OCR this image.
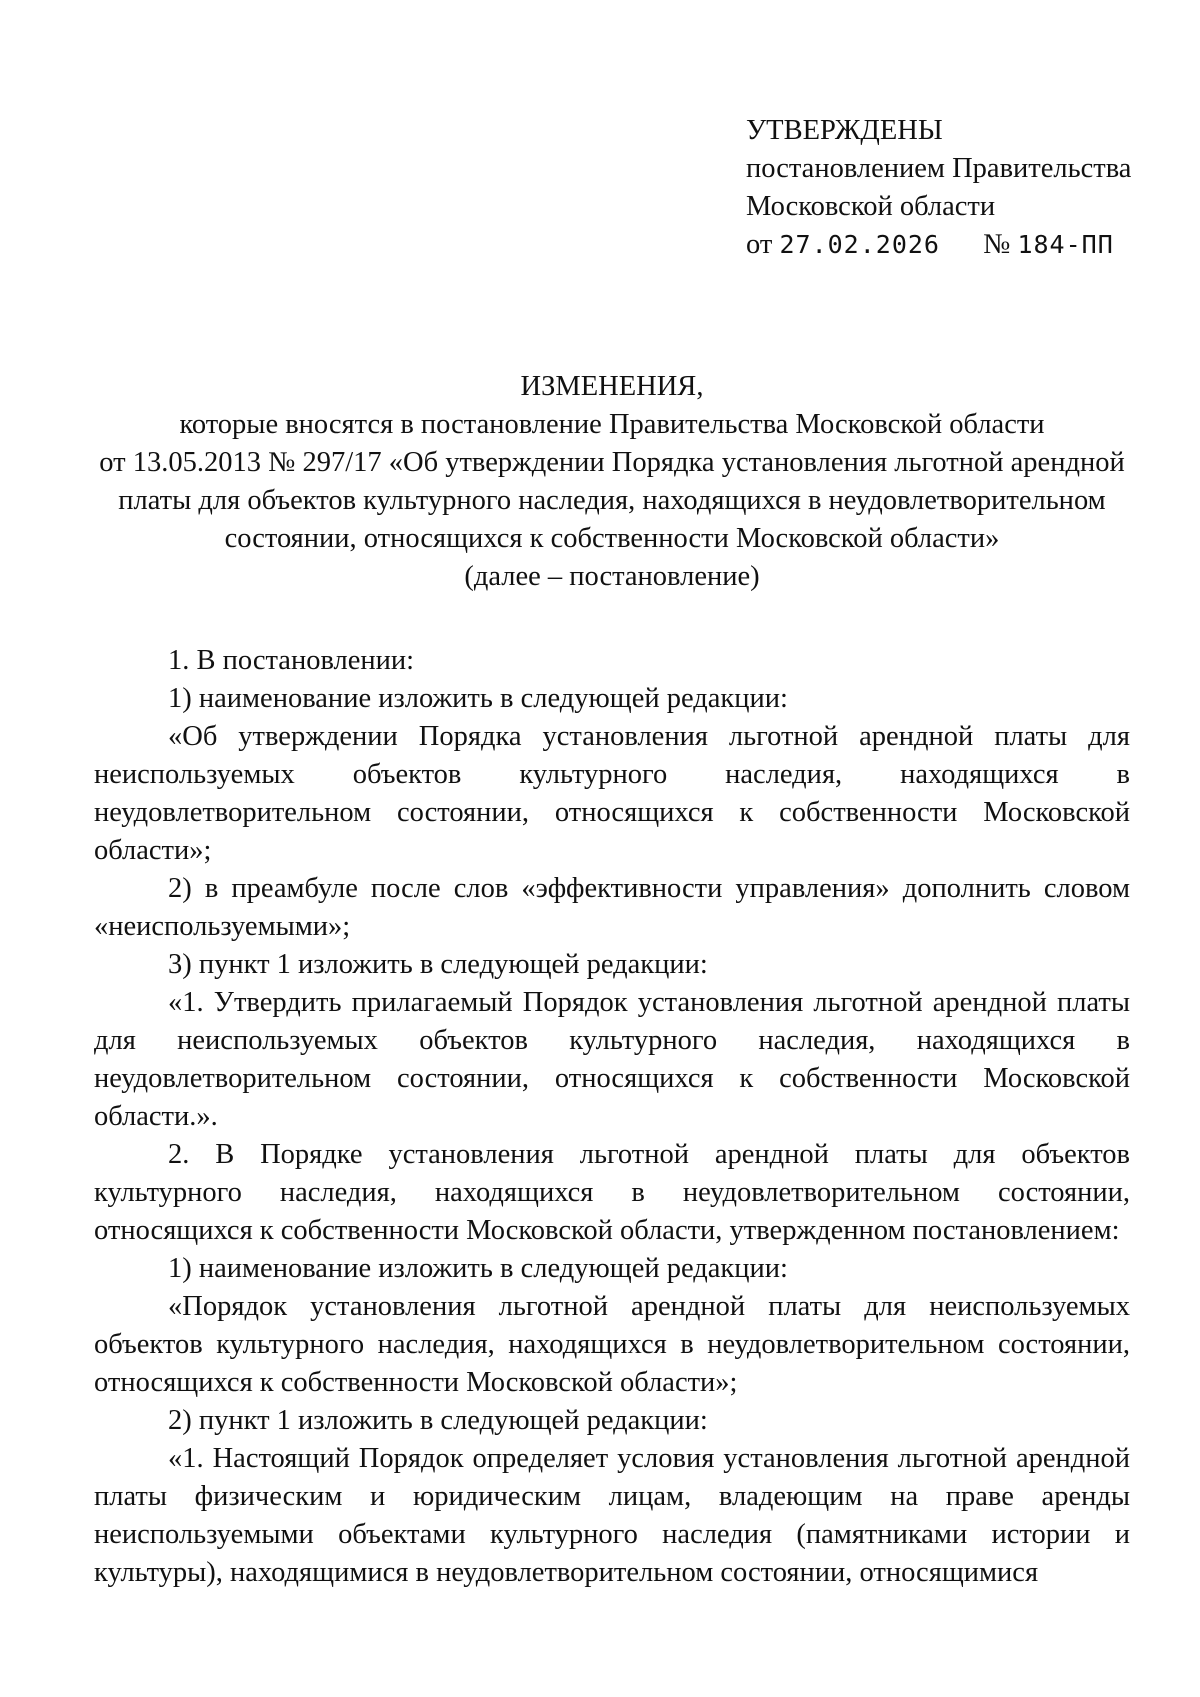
УТВЕРЖДЕНЫ
постановлением Правительства
Московской области
от 27.02.2026 № 184-ПП
ИЗМЕНЕНИЯ,
которые вносятся в постановление Правительства Московской области
от 13.05.2013 № 297/17 «Об утверждении Порядка установления льготной арендной
платы для объектов культурного наследия, находящихся в неудовлетворительном
состоянии, относящихся к собственности Московской области»
(далее – постановление)

1. В постановлении:

1) наименование изложить в следующей редакции:

«Об утверждении Порядка установления льготной арендной платы для неиспользуемых объектов культурного наследия, находящихся в неудовлетворительном состоянии, относящихся к собственности Московской области»;

2) в преамбуле после слов «эффективности управления» дополнить словом «неиспользуемыми»;

3) пункт 1 изложить в следующей редакции:

«1. Утвердить прилагаемый Порядок установления льготной арендной платы для неиспользуемых объектов культурного наследия, находящихся в неудовлетворительном состоянии, относящихся к собственности Московской области.».

2. В Порядке установления льготной арендной платы для объектов культурного наследия, находящихся в неудовлетворительном состоянии, относящихся к собственности Московской области, утвержденном постановлением:

1) наименование изложить в следующей редакции:

«Порядок установления льготной арендной платы для неиспользуемых объектов культурного наследия, находящихся в неудовлетворительном состоянии, относящихся к собственности Московской области»;

2) пункт 1 изложить в следующей редакции:

«1. Настоящий Порядок определяет условия установления льготной арендной платы физическим и юридическим лицам, владеющим на праве аренды неиспользуемыми объектами культурного наследия (памятниками истории и культуры), находящимися в неудовлетворительном состоянии, относящимися
